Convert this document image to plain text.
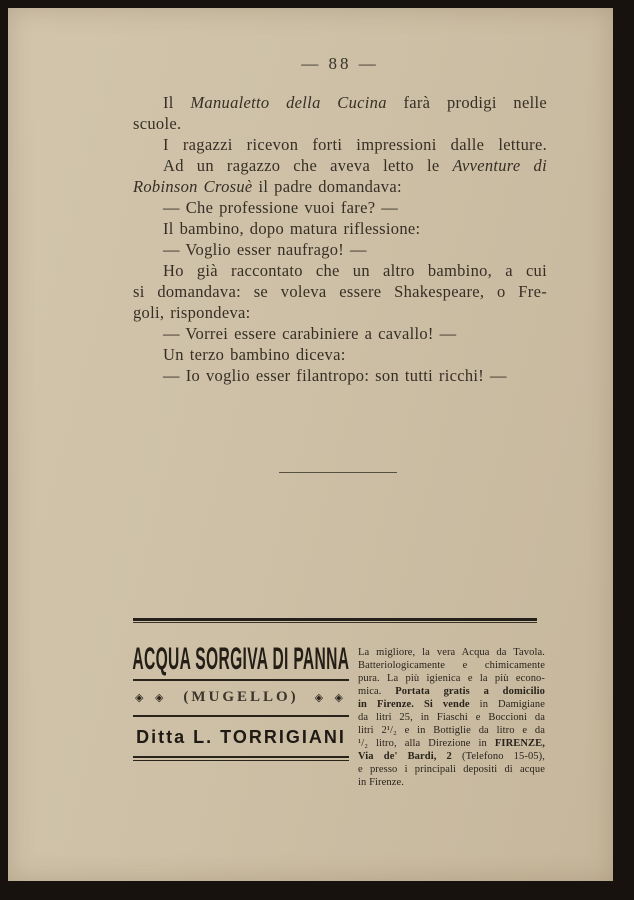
— 88 —
Il Manualetto della Cucina farà prodigi nelle
scuole.
I ragazzi ricevon forti impressioni dalle letture.
Ad un ragazzo che aveva letto le Avventure di
Robinson Crosuè il padre domandava:
— Che professione vuoi fare? —
Il bambino, dopo matura riflessione:
— Voglio esser naufrago! —
Ho già raccontato che un altro bambino, a cui
si domandava: se voleva essere Shakespeare, o Fre-
goli, rispondeva:
— Vorrei essere carabiniere a cavallo! —
Un terzo bambino diceva:
— Io voglio esser filantropo: son tutti ricchi! —
ACQUA SORGIVA DI PANNA
◈ ◈ (MUGELLO) ◈ ◈
Ditta L. TORRIGIANI
La migliore, la vera Acqua da Tavola.
Batteriologicamente e chimicamente
pura. La più igienica e la più econo-
mica. Portata gratis a domicilio
in Firenze. Si vende in Damigiane
da litri 25, in Fiaschi e Boccioni da
litri 2¹/₂ e in Bottiglie da litro e da
¹/₂ litro, alla Direzione in FIRENZE,
Via de' Bardi, 2 (Telefono 15-05),
e presso i principali depositi di acque
in Firenze.
